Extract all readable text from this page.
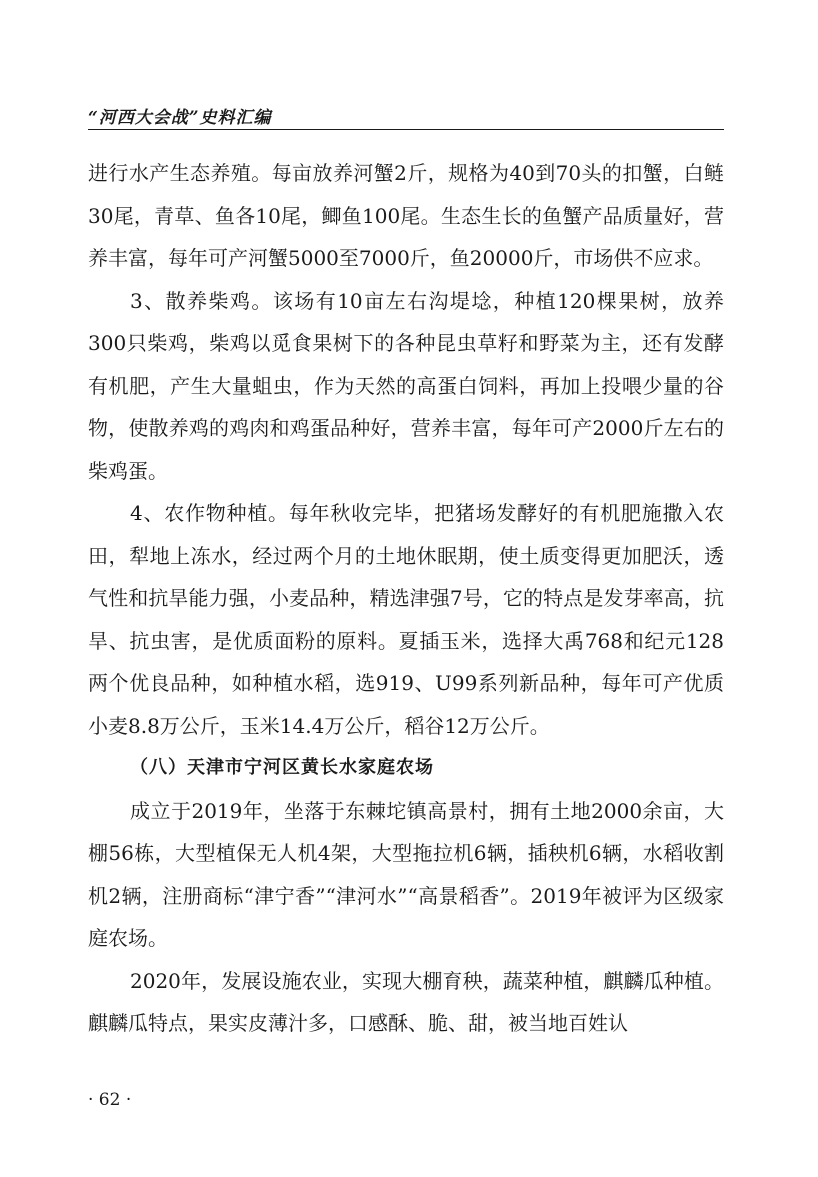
“河西大会战”史料汇编

进行水产生态养殖。每亩放养河蟹2斤，规格为40到70头的扣蟹，白鲢30尾，青草、鱼各10尾，鲫鱼100尾。生态生长的鱼蟹产品质量好，营养丰富，每年可产河蟹5000至7000斤，鱼20000斤，市场供不应求。

3、散养柴鸡。该场有10亩左右沟堤埝，种植120棵果树，放养300只柴鸡，柴鸡以觅食果树下的各种昆虫草籽和野菜为主，还有发酵有机肥，产生大量蛆虫，作为天然的高蛋白饲料，再加上投喂少量的谷物，使散养鸡的鸡肉和鸡蛋品种好，营养丰富，每年可产2000斤左右的柴鸡蛋。

4、农作物种植。每年秋收完毕，把猪场发酵好的有机肥施撒入农田，犁地上冻水，经过两个月的土地休眠期，使土质变得更加肥沃，透气性和抗旱能力强，小麦品种，精选津强7号，它的特点是发芽率高，抗旱、抗虫害，是优质面粉的原料。夏插玉米，选择大禹768和纪元128两个优良品种，如种植水稻，选919、U99系列新品种，每年可产优质小麦8.8万公斤，玉米14.4万公斤，稻谷12万公斤。

（八）天津市宁河区黄长水家庭农场

成立于2019年，坐落于东棘坨镇高景村，拥有土地2000余亩，大棚56栋，大型植保无人机4架，大型拖拉机6辆，插秧机6辆，水稻收割机2辆，注册商标“津宁香”“津河水”“高景稻香”。2019年被评为区级家庭农场。

2020年，发展设施农业，实现大棚育秧，蔬菜种植，麒麟瓜种植。麒麟瓜特点，果实皮薄汁多，口感酥、脆、甜，被当地百姓认

· 62 ·
